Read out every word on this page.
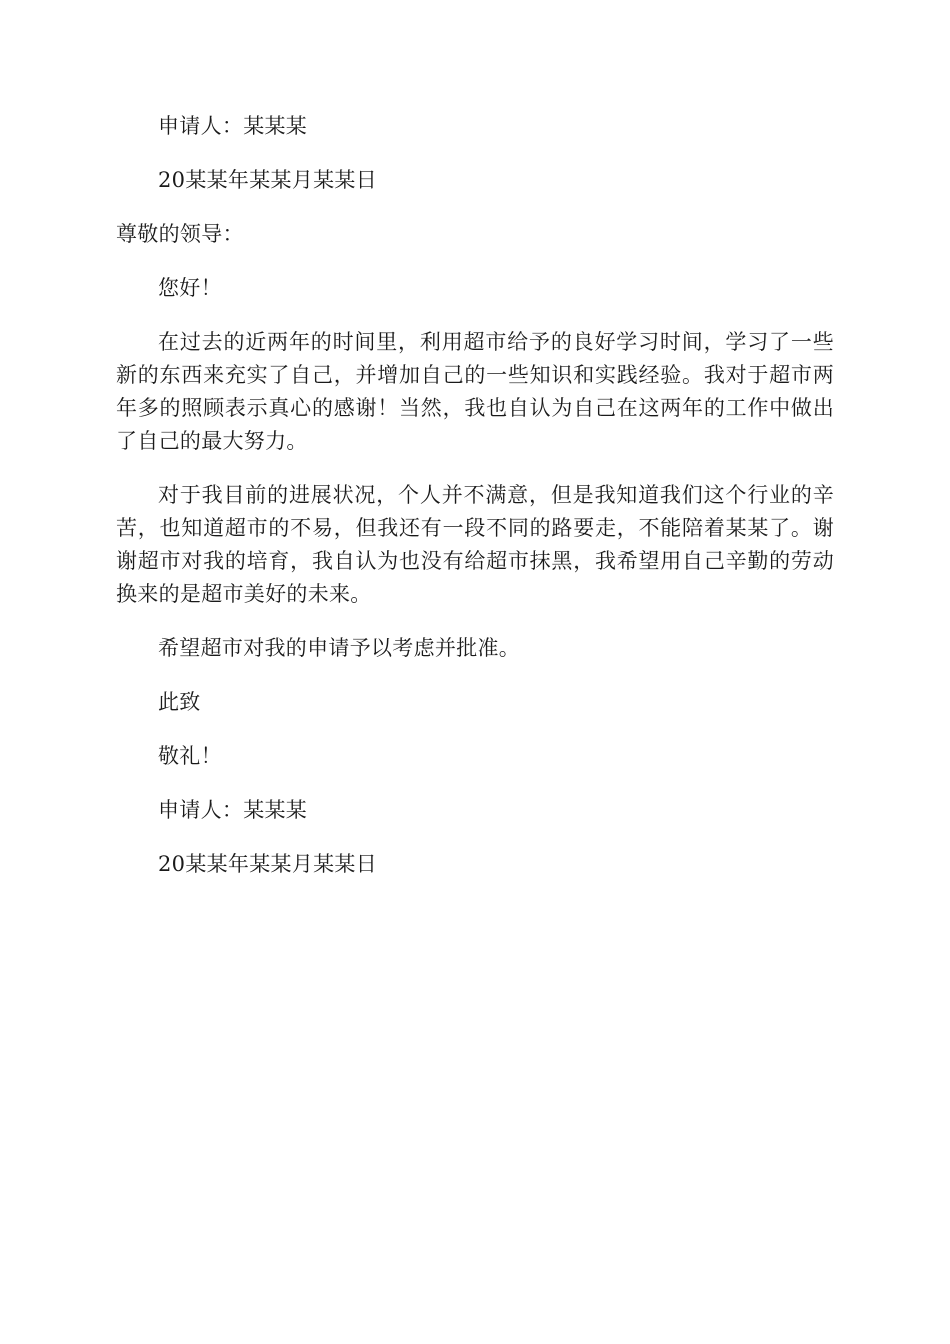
申请人：某某某

20某某年某某月某某日

尊敬的领导：

您好！

在过去的近两年的时间里，利用超市给予的良好学习时间，学习了一些新的东西来充实了自己，并增加自己的一些知识和实践经验。我对于超市两年多的照顾表示真心的感谢！当然，我也自认为自己在这两年的工作中做出了自己的最大努力。

对于我目前的进展状况，个人并不满意，但是我知道我们这个行业的辛苦，也知道超市的不易，但我还有一段不同的路要走，不能陪着某某了。谢谢超市对我的培育，我自认为也没有给超市抹黑，我希望用自己辛勤的劳动换来的是超市美好的未来。

希望超市对我的申请予以考虑并批准。

此致

敬礼！

申请人：某某某

20某某年某某月某某日
